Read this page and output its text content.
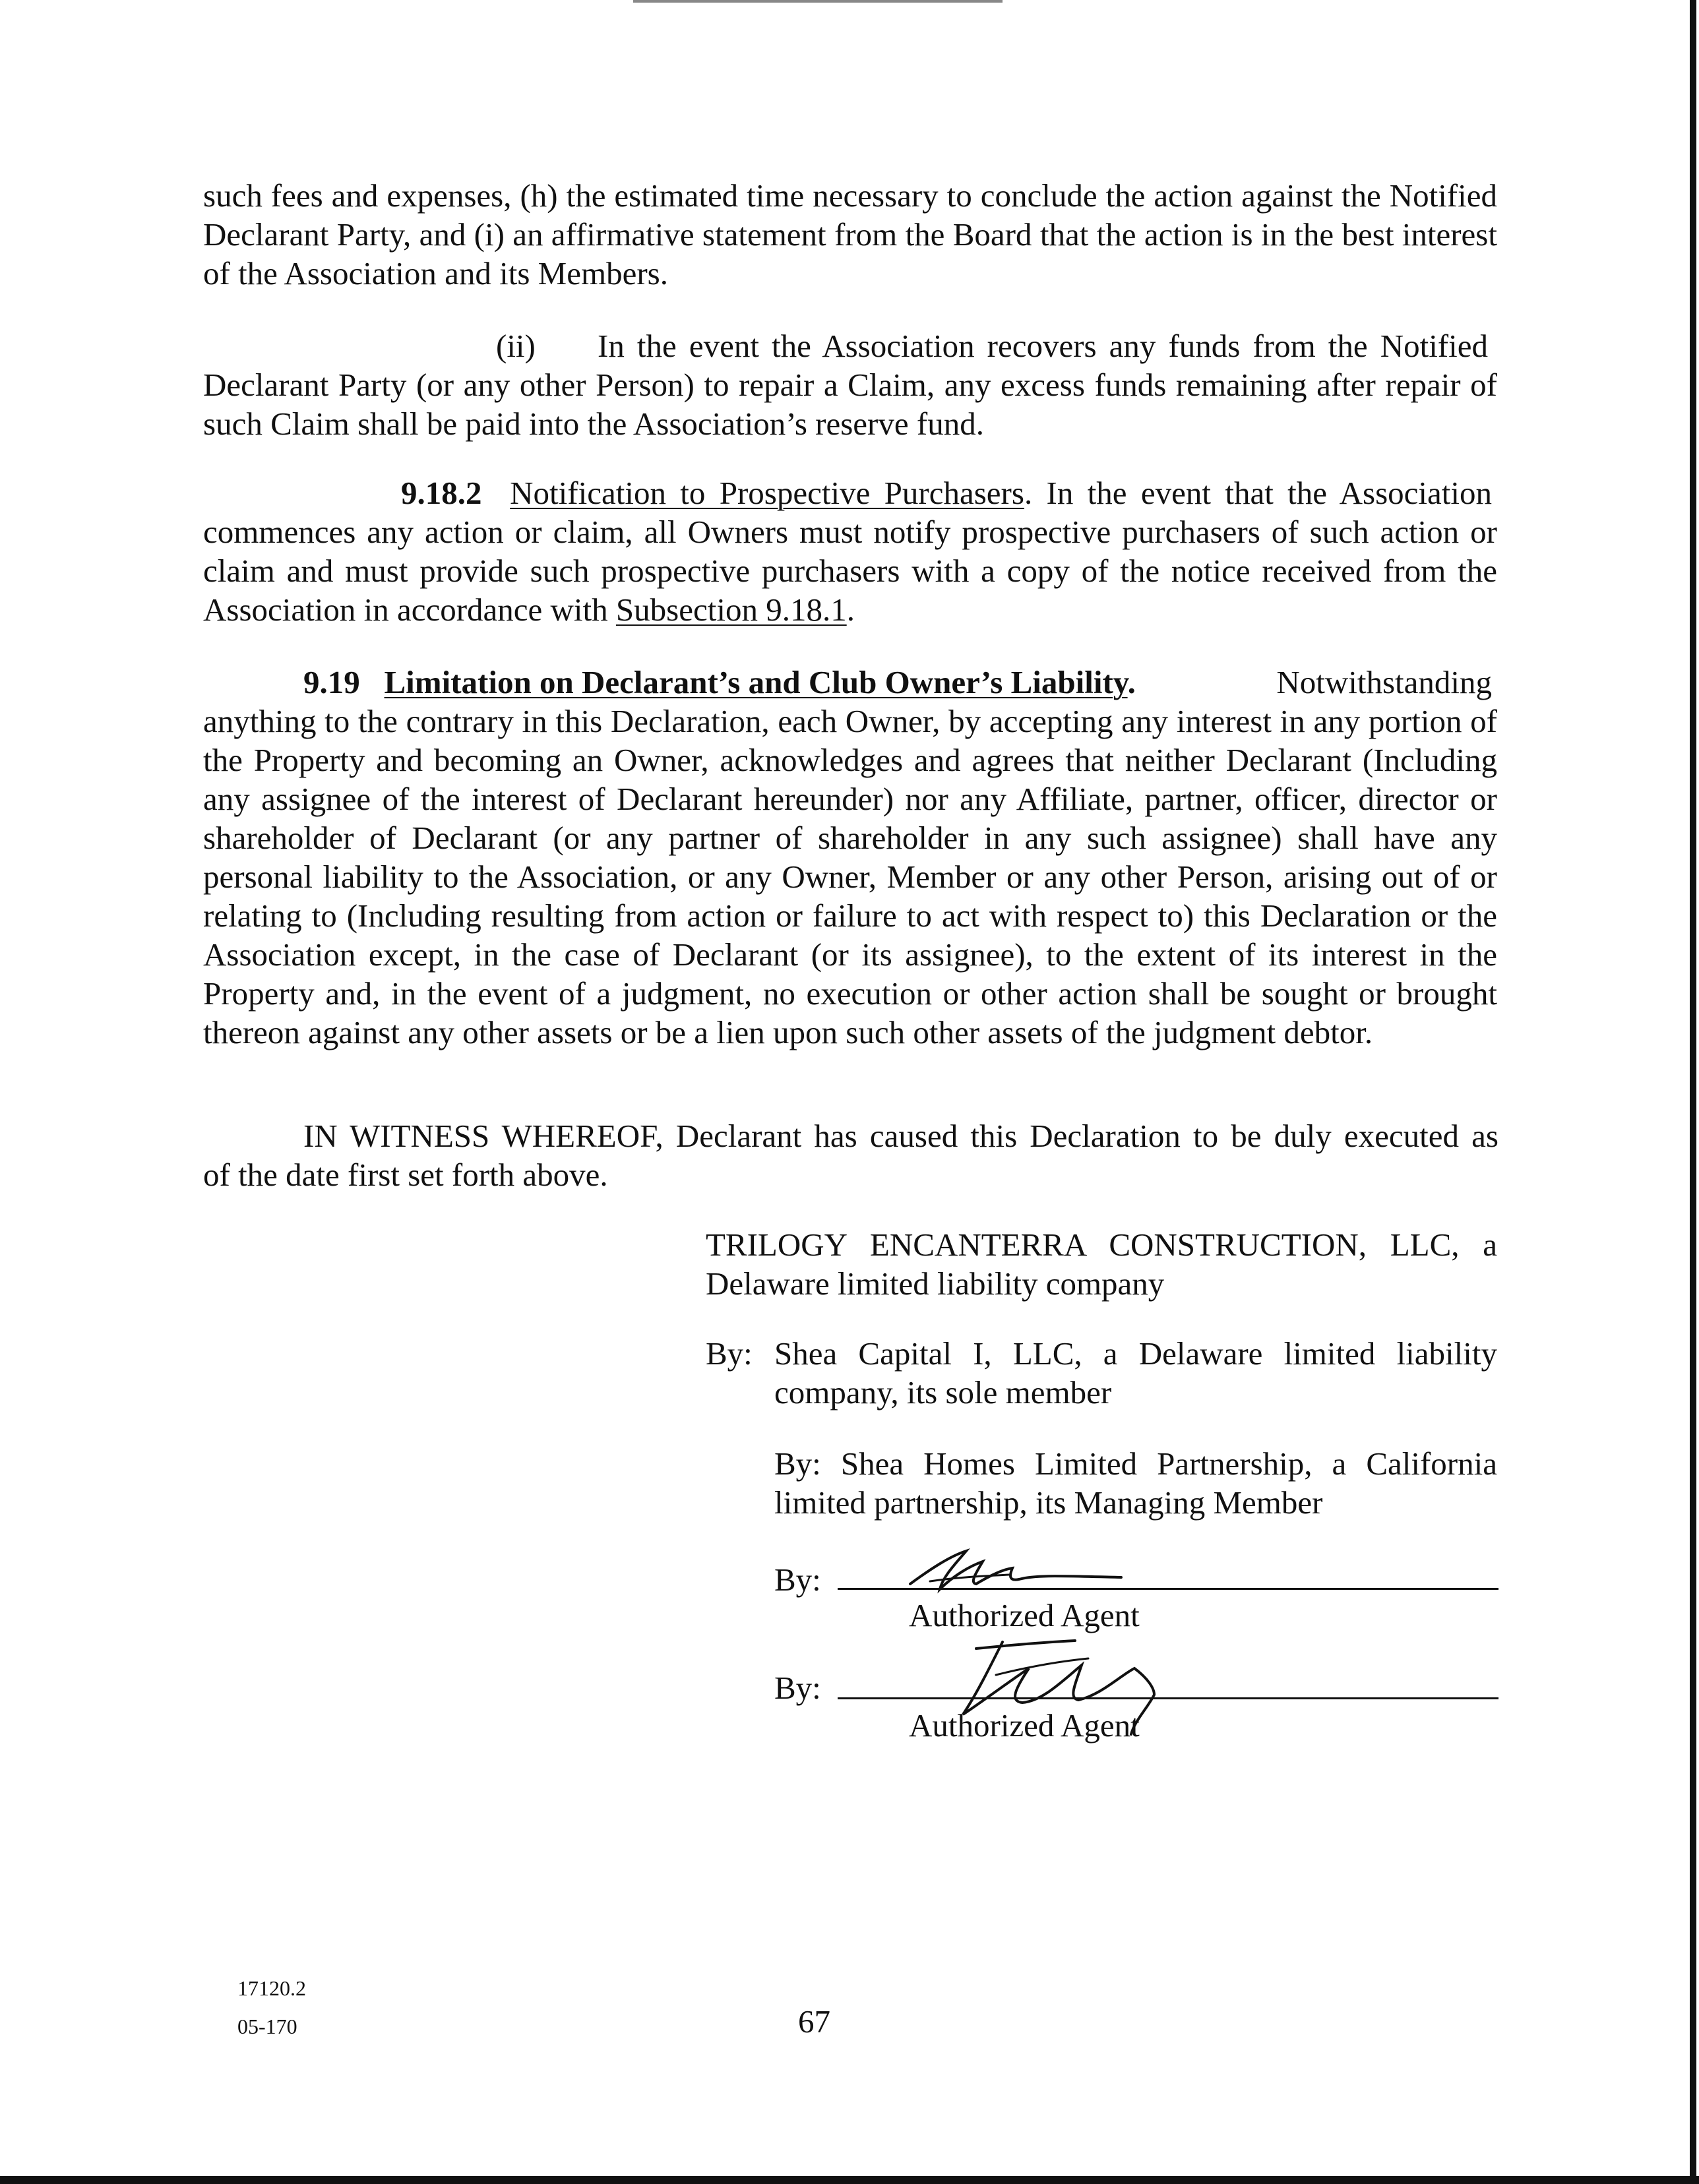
such fees and expenses, (h) the estimated time necessary to conclude the action against the Notified Declarant Party, and (i) an affirmative statement from the Board that the action is in the best interest of the Association and its Members.

(ii) In the event the Association recovers any funds from the Notified

Declarant Party (or any other Person) to repair a Claim, any excess funds remaining after repair of such Claim shall be paid into the Association’s reserve fund.

9.18.2 Notification to Prospective Purchasers. In the event that the Association

commences any action or claim, all Owners must notify prospective purchasers of such action or claim and must provide such prospective purchasers with a copy of the notice received from the Association in accordance with Subsection 9.18.1.

9.19 Limitation on Declarant’s and Club Owner’s Liability.	Notwithstanding

anything to the contrary in this Declaration, each Owner, by accepting any interest in any portion of the Property and becoming an Owner, acknowledges and agrees that neither Declarant (Including any assignee of the interest of Declarant hereunder) nor any Affiliate, partner, officer, director or shareholder of Declarant (or any partner of shareholder in any such assignee) shall have any personal liability to the Association, or any Owner, Member or any other Person, arising out of or relating to (Including resulting from action or failure to act with respect to) this Declaration or the Association except, in the case of Declarant (or its assignee), to the extent of its interest in the Property and, in the event of a judgment, no execution or other action shall be sought or brought thereon against any other assets or be a lien upon such other assets of the judgment debtor.

IN WITNESS WHEREOF, Declarant has caused this Declaration to be duly executed as

of the date first set forth above.

TRILOGY ENCANTERRA CONSTRUCTION, LLC, a Delaware limited liability company

By: Shea Capital I, LLC, a Delaware limited liability company, its sole member

By: Shea Homes Limited Partnership, a California limited partnership, its Managing Member

By:

Authorized Agent

By:

Authorized Agent

17120.2

05-170	67
